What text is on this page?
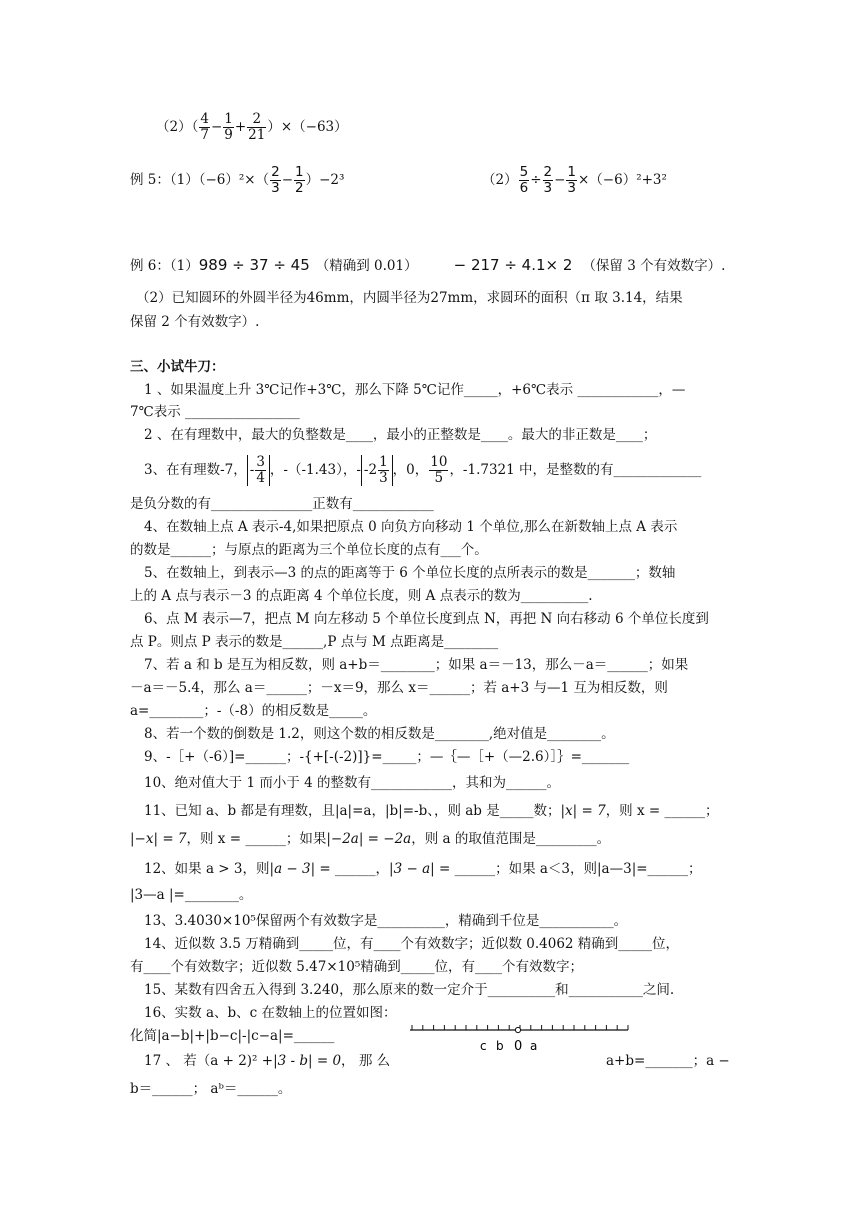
$(2)( \frac{4}{7} - \frac{1}{9} + \frac{2}{21} )\times(-63)$
例 5：$(1)(-6)^2\times( \frac{2}{3} - \frac{1}{2} )-2^3$	$(2) \frac{5}{6} \div \frac{2}{3} - \frac{1}{3} \times(-6)^2+3^2$
例 6：（1）989 ÷ 37 ÷ 45 （精确到 0.01） − 217 ÷ 4.1× 2 （保留 3 个有效数字）.
（2）已知圆环的外圆半径为46mm，内圆半径为27mm，求圆环的面积（π 取 3.14，结果
保留 2 个有效数字）.
三、小试牛刀：
1 、如果温度上升 3℃记作+3℃，那么下降 5℃记作_____，+6℃表示 ____________，—
7℃表示 _________________
2 、在有理数中，最大的负整数是____，最小的正整数是____。最大的非正数是____；
3、在有理数-7， - $\frac{3}{4}$ ，-（-1.43），- $-2 \frac{1}{3}$ ，0， $\frac{10}{5}$ ，-1.7321 中，是整数的有_____________
是负分数的有_______________正数有____________
4、在数轴上点 A 表示-4,如果把原点 0 向负方向移动 1 个单位,那么在新数轴上点 A 表示
的数是______；与原点的距离为三个单位长度的点有___个。
5、在数轴上，到表示—3 的点的距离等于 6 个单位长度的点所表示的数是_______；数轴
上的 A 点与表示－3 的点距离 4 个单位长度，则 A 点表示的数为__________.
6、点 M 表示—7，把点 M 向左移动 5 个单位长度到点 N，再把 N 向右移动 6 个单位长度到
点 P。则点 P 表示的数是______,P 点与 M 点距离是________
7、若 a 和 b 是互为相反数，则 a+b＝________；如果 a＝－13，那么－a＝______；如果
－a＝－5.4，那么 a＝______；－x＝9，那么 x＝______；若 a+3 与—1 互为相反数，则
a=________；-（-8）的相反数是_____。
8、若一个数的倒数是 1.2，则这个数的相反数是________,绝对值是________。
9、-［+（-6）]=______；-{+[-(-2)]}=_____；—｛—［+（—2.6）］｝=_______
10、绝对值大于 1 而小于 4 的整数有____________，其和为______。
11、已知 a、b 都是有理数，且|a|=a，|b|=-b、，则 ab 是_____数；|x| = 7，则 x = ______；
|−x| = 7，则 x = ______；如果|−2a| = −2a，则 a 的取值范围是_________。
12、如果 a > 3，则|a − 3| = ______，|3 − a| = ______；如果 a＜3，则|a—3|=______；
|3—a |=________。
13、3.4030×10⁵保留两个有效数字是__________，精确到千位是___________。
14、近似数 3.5 万精确到_____位，有____个有效数字；近似数 0.4062 精确到_____位，
有____个有效数字；近似数 5.47×10⁵精确到_____位，有____个有效数字；
15、某数有四舍五入得到 3.240，那么原来的数一定介于__________和___________之间.
16、实数 a、b、c 在数轴上的位置如图：
化简|a−b|+|b−c|-|c−a|=______
c b 0 a
17 、 若（a + 2)² +|3 - b| = 0， 那 么	a+b=_______；a −
b＝______； aᵇ＝______。
